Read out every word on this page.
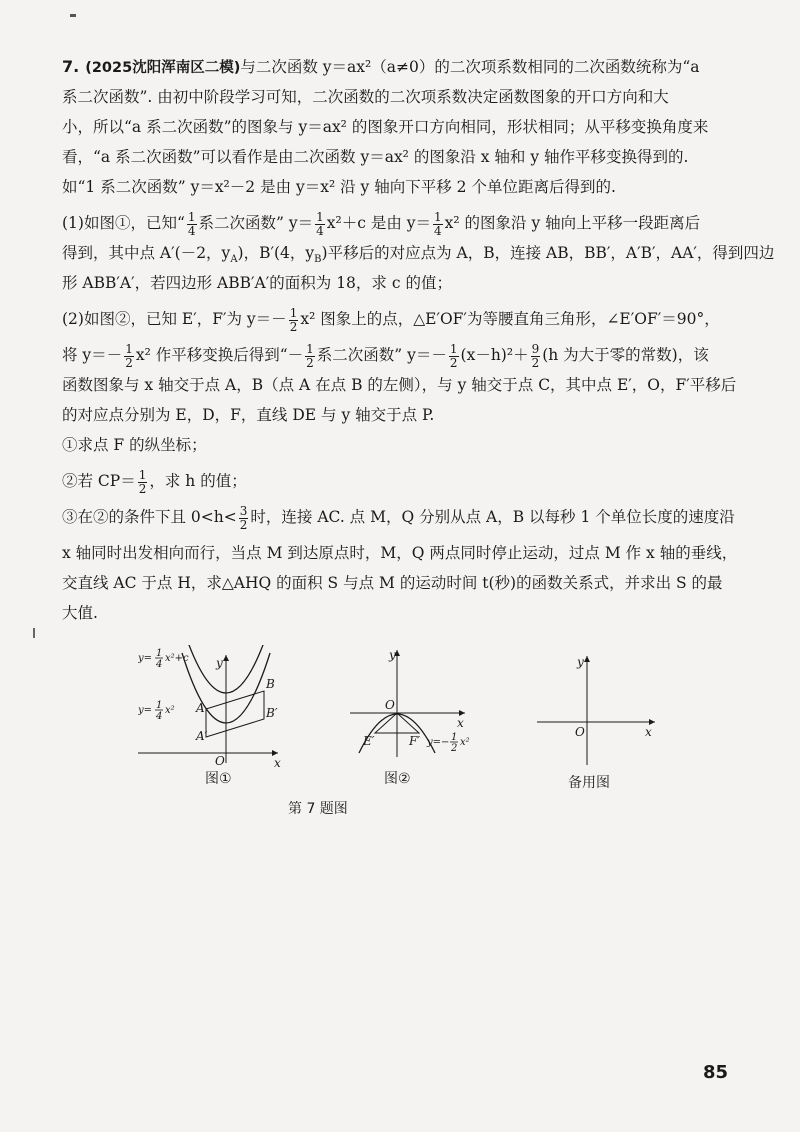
7. (2025沈阳浑南区二模)与二次函数 y＝ax²（a≠0）的二次项系数相同的二次函数统称为“a
系二次函数”. 由初中阶段学习可知，二次函数的二次项系数决定函数图象的开口方向和大
小，所以“a 系二次函数”的图象与 y＝ax² 的图象开口方向相同，形状相同；从平移变换角度来
看，“a 系二次函数”可以看作是由二次函数 y＝ax² 的图象沿 x 轴和 y 轴作平移变换得到的.
如“1 系二次函数” y＝x²－2 是由 y＝x² 沿 y 轴向下平移 2 个单位距离后得到的.
(1)如图①，已知“ $\frac{1}{4}$ 系二次函数” $y= \frac{1}{4} x^2+c$ 是由 $y= \frac{1}{4} x^2$ 的图象沿 y 轴向上平移一段距离后
得到，其中点 A′(－2，$y_A$)，B′(4，$y_B$)平移后的对应点为 A，B，连接 AB，BB′，A′B′，AA′，得到四边
形 ABB′A′，若四边形 ABB′A′的面积为 18，求 c 的值；
(2)如图②，已知 E′，F′为 $y=- \frac{1}{2} x^2$ 图象上的点，△E′OF′为等腰直角三角形，∠E′OF′＝90°，
将 $y=- \frac{1}{2} x^2$ 作平移变换后得到“－ $\frac{1}{2}$ 系二次函数” $y=- \frac{1}{2} (x-h)^2+ \frac{9}{2} (h$ 为大于零的常数)，该
函数图象与 x 轴交于点 A，B（点 A 在点 B 的左侧），与 y 轴交于点 C，其中点 E′，O，F′平移后
的对应点分别为 E，D，F，直线 DE 与 y 轴交于点 P.
①求点 F 的纵坐标；
②若 $CP= \frac{1}{2}$ ，求 h 的值；
③在②的条件下且 $0<h< \frac{3}{2}$ 时，连接 AC. 点 M，Q 分别从点 A，B 以每秒 1 个单位长度的速度沿
x 轴同时出发相向而行，当点 M 到达原点时，M，Q 两点同时停止运动，过点 M 作 x 轴的垂线，
交直线 AC 于点 H，求△AHQ 的面积 S 与点 M 的运动时间 t(秒)的函数关系式，并求出 S 的最
大值.
A′
A
B
B′
O
y
x
y= 1
4
x²+c
y= 1
4
x²
图①
O
y
x
E′	F′ y=− 1
2
x²
图②
O
y
x
备用图
第 7 题图
85
